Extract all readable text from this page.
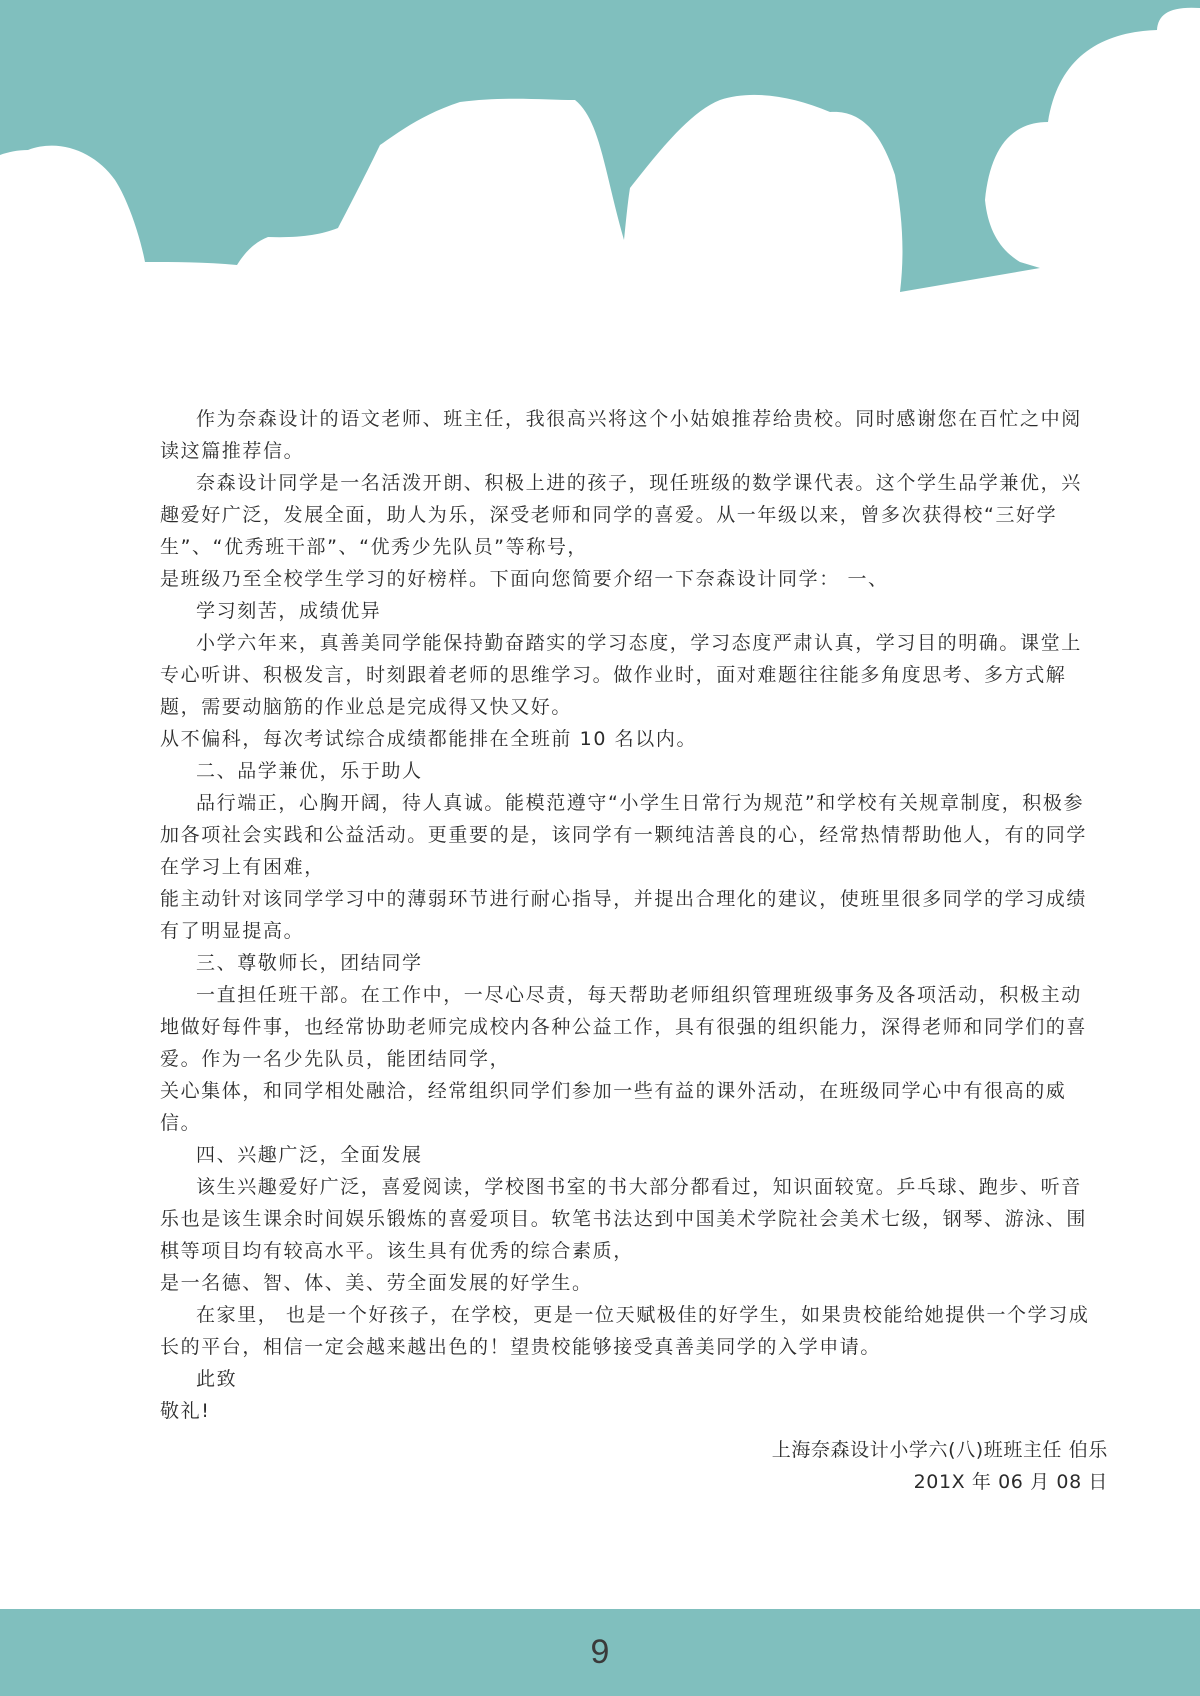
作为奈森设计的语文老师、班主任，我很高兴将这个小姑娘推荐给贵校。同时感谢您在百忙之中阅读这篇推荐信。

奈森设计同学是一名活泼开朗、积极上进的孩子，现任班级的数学课代表。这个学生品学兼优，兴趣爱好广泛，发展全面，助人为乐，深受老师和同学的喜爱。从一年级以来，曾多次获得校“三好学生”、“优秀班干部”、“优秀少先队员”等称号，

是班级乃至全校学生学习的好榜样。下面向您简要介绍一下奈森设计同学： 一、

学习刻苦，成绩优异

小学六年来，真善美同学能保持勤奋踏实的学习态度，学习态度严肃认真，学习目的明确。课堂上专心听讲、积极发言，时刻跟着老师的思维学习。做作业时，面对难题往往能多角度思考、多方式解题，需要动脑筋的作业总是完成得又快又好。

从不偏科，每次考试综合成绩都能排在全班前 10 名以内。

二、品学兼优，乐于助人

品行端正，心胸开阔，待人真诚。能模范遵守“小学生日常行为规范”和学校有关规章制度，积极参加各项社会实践和公益活动。更重要的是，该同学有一颗纯洁善良的心，经常热情帮助他人，有的同学在学习上有困难，

能主动针对该同学学习中的薄弱环节进行耐心指导，并提出合理化的建议，使班里很多同学的学习成绩有了明显提高。

三、尊敬师长，团结同学

一直担任班干部。在工作中，一尽心尽责，每天帮助老师组织管理班级事务及各项活动，积极主动地做好每件事，也经常协助老师完成校内各种公益工作，具有很强的组织能力，深得老师和同学们的喜爱。作为一名少先队员，能团结同学，

关心集体，和同学相处融洽，经常组织同学们参加一些有益的课外活动，在班级同学心中有很高的威信。

四、兴趣广泛，全面发展

该生兴趣爱好广泛，喜爱阅读，学校图书室的书大部分都看过，知识面较宽。乒乓球、跑步、听音乐也是该生课余时间娱乐锻炼的喜爱项目。软笔书法达到中国美术学院社会美术七级，钢琴、游泳、围棋等项目均有较高水平。该生具有优秀的综合素质，

是一名德、智、体、美、劳全面发展的好学生。

在家里， 也是一个好孩子，在学校，更是一位天赋极佳的好学生，如果贵校能给她提供一个学习成长的平台，相信一定会越来越出色的！望贵校能够接受真善美同学的入学申请。

此致

敬礼!

上海奈森设计小学六(八)班班主任 伯乐
201X 年 06 月 08 日
9
